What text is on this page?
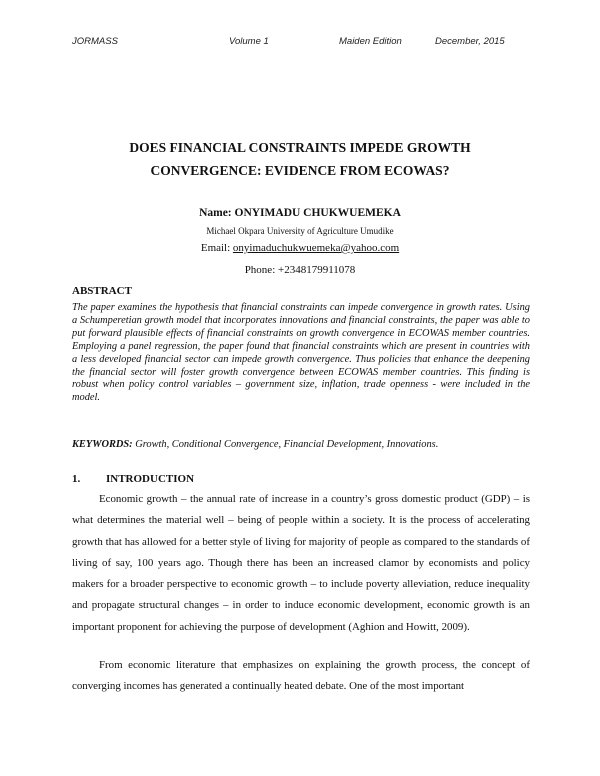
JORMASS	Volume 1	Maiden Edition	December, 2015
DOES FINANCIAL CONSTRAINTS IMPEDE GROWTH
CONVERGENCE: EVIDENCE FROM ECOWAS?
Name: ONYIMADU CHUKWUEMEKA
Michael Okpara University of Agriculture Umudike
Email: onyimaduchukwuemeka@yahoo.com
Phone: +2348179911078
ABSTRACT

The paper examines the hypothesis that financial constraints can impede convergence in growth rates. Using a Schumperetian growth model that incorporates innovations and financial constraints, the paper was able to put forward plausible effects of financial constraints on growth convergence in ECOWAS member countries. Employing a panel regression, the paper found that financial constraints which are present in countries with a less developed financial sector can impede growth convergence. Thus policies that enhance the deepening the financial sector will foster growth convergence between ECOWAS member countries. This finding is robust when policy control variables – government size, inflation, trade openness - were included in the model.

KEYWORDS: Growth, Conditional Convergence, Financial Development, Innovations.
1. INTRODUCTION

Economic growth – the annual rate of increase in a country’s gross domestic product (GDP) – is what determines the material well – being of people within a society. It is the process of accelerating growth that has allowed for a better style of living for majority of people as compared to the standards of living of say, 100 years ago. Though there has been an increased clamor by economists and policy makers for a broader perspective to economic growth – to include poverty alleviation, reduce inequality and propagate structural changes – in order to induce economic development, economic growth is an important proponent for achieving the purpose of development (Aghion and Howitt, 2009).

From economic literature that emphasizes on explaining the growth process, the concept of converging incomes has generated a continually heated debate. One of the most important
